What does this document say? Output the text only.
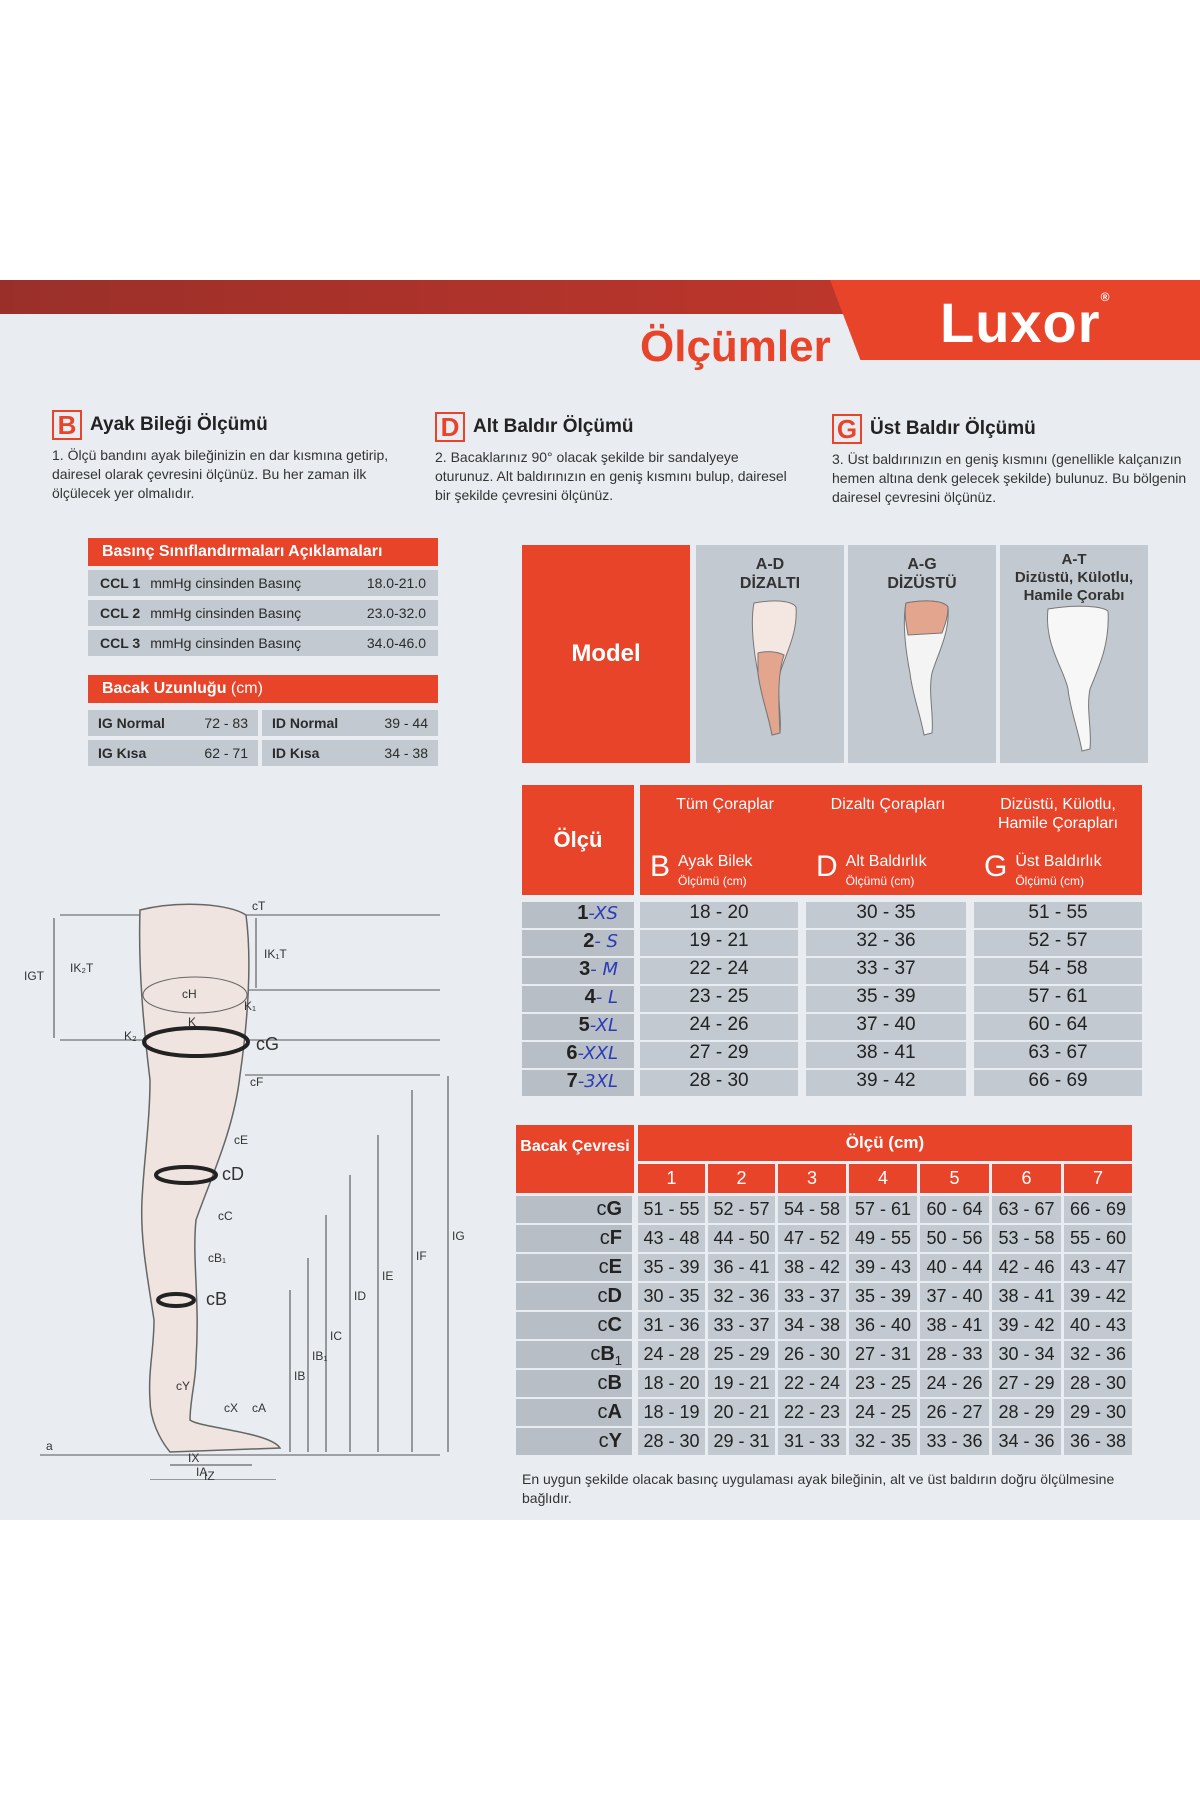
Luxor®
Ölçümler
B Ayak Bileği Ölçümü
1. Ölçü bandını ayak bileğinizin en dar kısmına getirip, dairesel olarak çevresini ölçünüz. Bu her zaman ilk ölçülecek yer olmalıdır.
D Alt Baldır Ölçümü
2. Bacaklarınız 90° olacak şekilde bir sandalyeye oturunuz. Alt baldırınızın en geniş kısmını bulup, dairesel bir şekilde çevresini ölçünüz.
G Üst Baldır Ölçümü
3. Üst baldırınızın en geniş kısmını (genellikle kalçanızın hemen altına denk gelecek şekilde) bulunuz. Bu bölgenin dairesel çevresini ölçünüz.
Basınç Sınıflandırmaları Açıklamaları
CCL 1 mmHg cinsinden Basınç	18.0-21.0
CCL 2 mmHg cinsinden Basınç	23.0-32.0
CCL 3 mmHg cinsinden Basınç	34.0-46.0
Bacak Uzunluğu (cm)
IG Normal	72 - 83 ID Normal	39 - 44
IG Kısa	62 - 71 ID Kısa	34 - 38
Model
A-D
DİZALTI
A-G
DİZÜSTÜ
A-T
Dizüstü, Külotlu, Hamile Çorabı
Ölçü
Tüm Çoraplar	Dizaltı Çorapları	Dizüstü, Külotlu, Hamile Çorapları
B Ayak Bilek
Ölçümü (cm)	D Alt Baldırlık
Ölçümü (cm)	G Üst Baldırlık
Ölçümü (cm)
1-XS	18 - 20	30 - 35	51 - 55
2- S	19 - 21	32 - 36	52 - 57
3- M	22 - 24	33 - 37	54 - 58
4- L	23 - 25	35 - 39	57 - 61
5-XL	24 - 26	37 - 40	60 - 64
6-XXL	27 - 29	38 - 41	63 - 67
7-3XL	28 - 30	39 - 42	66 - 69
Bacak Çevresi	Ölçü (cm)
1	2	3	4	5	6	7
cG	51 - 55 52 - 57 54 - 58 57 - 61 60 - 64 63 - 67 66 - 69
cF	43 - 48 44 - 50 47 - 52 49 - 55 50 - 56 53 - 58 55 - 60
cE	35 - 39 36 - 41 38 - 42 39 - 43 40 - 44 42 - 46 43 - 47
cD	30 - 35 32 - 36 33 - 37 35 - 39 37 - 40 38 - 41 39 - 42
cC	31 - 36 33 - 37 34 - 38 36 - 40 38 - 41 39 - 42 40 - 43
$cB_1$	24 - 28 25 - 29 26 - 30 27 - 31 28 - 33 30 - 34 32 - 36
cB	18 - 20 19 - 21 22 - 24 23 - 25 24 - 26 27 - 29 28 - 30
cA	18 - 19 20 - 21 22 - 23 24 - 25 26 - 27 28 - 29 29 - 30
cY	28 - 30 29 - 31 31 - 33 32 - 35 33 - 36 34 - 36 36 - 38
En uygun şekilde olacak basınç uygulaması ayak bileğinin, alt ve üst baldırın doğru ölçülmesine bağlıdır.
cT
IK₁T
IGT
IK₂T
cH
K₁
K
K₂	cG
cF
cE
cD
cC
cB₁
cB
cY
cX cA
a
IX
IA
IZ
IB
IB₁
IC
ID
IE
IF
IG
